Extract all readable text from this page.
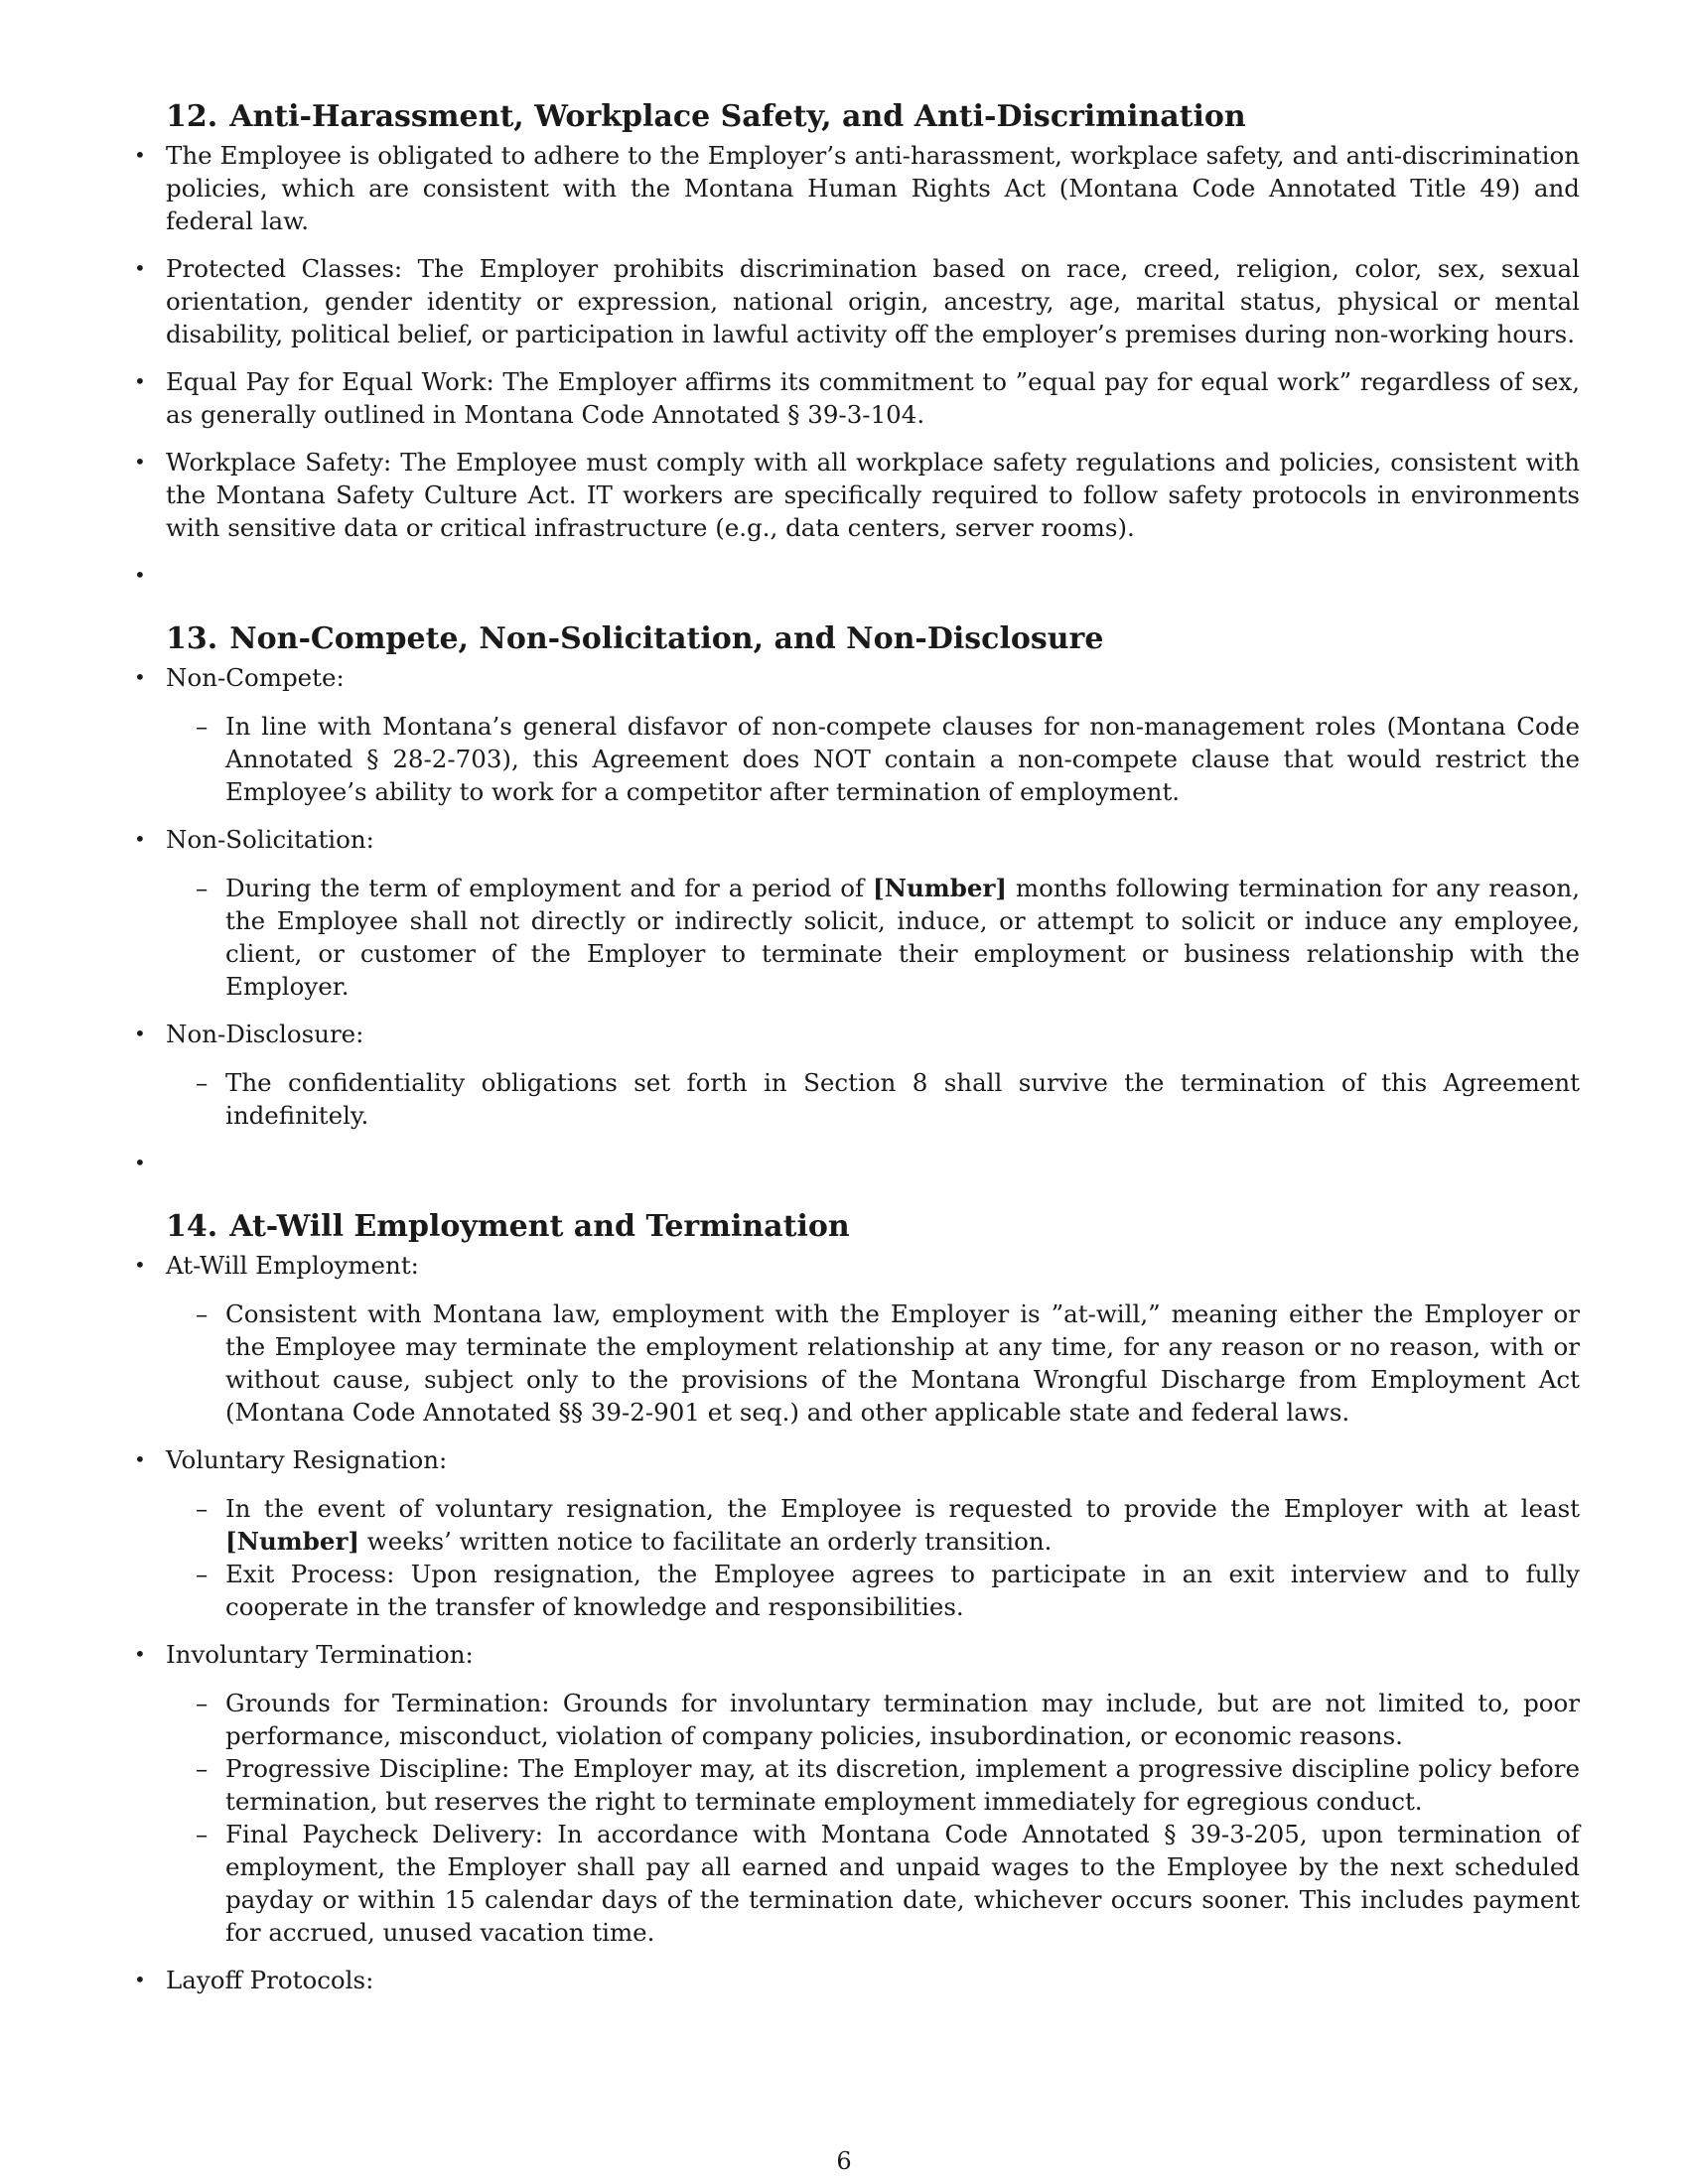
12. Anti-Harassment, Workplace Safety, and Anti-Discrimination
• The Employee is obligated to adhere to the Employer’s anti-harassment, workplace safety, and anti-discrimination policies, which are consistent with the Montana Human Rights Act (Montana Code Annotated Title 49) and federal law.
• Protected Classes: The Employer prohibits discrimination based on race, creed, religion, color, sex, sexual orientation, gender identity or expression, national origin, ancestry, age, marital status, physical or mental disability, political belief, or participation in lawful activity off the employer’s premises during non-working hours.
• Equal Pay for Equal Work: The Employer affirms its commitment to ”equal pay for equal work” regardless of sex, as generally outlined in Montana Code Annotated § 39-3-104.
• Workplace Safety: The Employee must comply with all workplace safety regulations and policies, consistent with the Montana Safety Culture Act. IT workers are specifically required to follow safety protocols in environments with sensitive data or critical infrastructure (e.g., data centers, server rooms).
•
13. Non-Compete, Non-Solicitation, and Non-Disclosure
• Non-Compete:
– In line with Montana’s general disfavor of non-compete clauses for non-management roles (Montana Code Annotated § 28-2-703), this Agreement does NOT contain a non-compete clause that would restrict the Employee’s ability to work for a competitor after termination of employment.
• Non-Solicitation:
– During the term of employment and for a period of [Number] months following termination for any reason, the Employee shall not directly or indirectly solicit, induce, or attempt to solicit or induce any employee, client, or customer of the Employer to terminate their employment or business relationship with the Employer.
• Non-Disclosure:
– The confidentiality obligations set forth in Section 8 shall survive the termination of this Agreement indefinitely.
•
14. At-Will Employment and Termination
• At-Will Employment:
– Consistent with Montana law, employment with the Employer is ”at-will,” meaning either the Employer or the Employee may terminate the employment relationship at any time, for any reason or no reason, with or without cause, subject only to the provisions of the Montana Wrongful Discharge from Employment Act (Montana Code Annotated §§ 39-2-901 et seq.) and other applicable state and federal laws.
• Voluntary Resignation:
– In the event of voluntary resignation, the Employee is requested to provide the Employer with at least [Number] weeks’ written notice to facilitate an orderly transition.
– Exit Process: Upon resignation, the Employee agrees to participate in an exit interview and to fully cooperate in the transfer of knowledge and responsibilities.
• Involuntary Termination:
– Grounds for Termination: Grounds for involuntary termination may include, but are not limited to, poor performance, misconduct, violation of company policies, insubordination, or economic reasons.
– Progressive Discipline: The Employer may, at its discretion, implement a progressive discipline policy before termination, but reserves the right to terminate employment immediately for egregious conduct.
– Final Paycheck Delivery: In accordance with Montana Code Annotated § 39-3-205, upon termination of employment, the Employer shall pay all earned and unpaid wages to the Employee by the next scheduled payday or within 15 calendar days of the termination date, whichever occurs sooner. This includes payment for accrued, unused vacation time.
• Layoff Protocols:
6
